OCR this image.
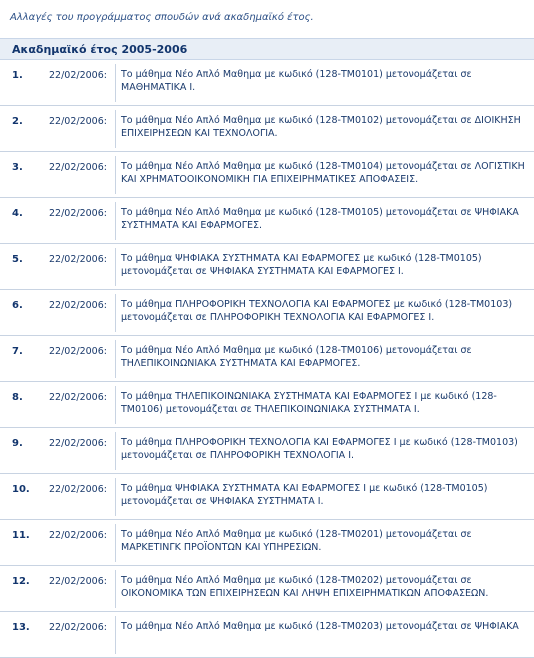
Αλλαγές του προγράμματος σπουδών ανά ακαδημαϊκό έτος.
Ακαδημαϊκό έτος 2005-2006
1.	22/02/2006:	Το μάθημα Νέο Απλό Μαθημα με κωδικό (128-ΤΜ0101) μετονομάζεται σε ΜΑΘΗΜΑΤΙΚΑ Ι.
2.	22/02/2006:	Το μάθημα Νέο Απλό Μαθημα με κωδικό (128-ΤΜ0102) μετονομάζεται σε ΔΙΟΙΚΗΣΗ ΕΠΙΧΕΙΡΗΣΕΩΝ ΚΑΙ ΤΕΧΝΟΛΟΓΙΑ.
3.	22/02/2006:	Το μάθημα Νέο Απλό Μαθημα με κωδικό (128-ΤΜ0104) μετονομάζεται σε ΛΟΓΙΣΤΙΚΗ ΚΑΙ ΧΡΗΜΑΤΟΟΙΚΟΝΟΜΙΚΗ ΓΙΑ ΕΠΙΧΕΙΡΗΜΑΤΙΚΕΣ ΑΠΟΦΑΣΕΙΣ.
4.	22/02/2006:	Το μάθημα Νέο Απλό Μαθημα με κωδικό (128-ΤΜ0105) μετονομάζεται σε ΨΗΦΙΑΚΑ ΣΥΣΤΗΜΑΤΑ ΚΑΙ ΕΦΑΡΜΟΓΕΣ.
5.	22/02/2006:	Το μάθημα ΨΗΦΙΑΚΑ ΣΥΣΤΗΜΑΤΑ ΚΑΙ ΕΦΑΡΜΟΓΕΣ με κωδικό (128-ΤΜ0105) μετονομάζεται σε ΨΗΦΙΑΚΑ ΣΥΣΤΗΜΑΤΑ ΚΑΙ ΕΦΑΡΜΟΓΕΣ Ι.
6.	22/02/2006:	Το μάθημα ΠΛΗΡΟΦΟΡΙΚΗ ΤΕΧΝΟΛΟΓΙΑ ΚΑΙ ΕΦΑΡΜΟΓΕΣ με κωδικό (128-ΤΜ0103) μετονομάζεται σε ΠΛΗΡΟΦΟΡΙΚΗ ΤΕΧΝΟΛΟΓΙΑ ΚΑΙ ΕΦΑΡΜΟΓΕΣ Ι.
7.	22/02/2006:	Το μάθημα Νέο Απλό Μαθημα με κωδικό (128-ΤΜ0106) μετονομάζεται σε ΤΗΛΕΠΙΚΟΙΝΩΝΙΑΚΑ ΣΥΣΤΗΜΑΤΑ ΚΑΙ ΕΦΑΡΜΟΓΕΣ.
8.	22/02/2006:	Το μάθημα ΤΗΛΕΠΙΚΟΙΝΩΝΙΑΚΑ ΣΥΣΤΗΜΑΤΑ ΚΑΙ ΕΦΑΡΜΟΓΕΣ Ι με κωδικό (128-ΤΜ0106) μετονομάζεται σε ΤΗΛΕΠΙΚΟΙΝΩΝΙΑΚΑ ΣΥΣΤΗΜΑΤΑ Ι.
9.	22/02/2006:	Το μάθημα ΠΛΗΡΟΦΟΡΙΚΗ ΤΕΧΝΟΛΟΓΙΑ ΚΑΙ ΕΦΑΡΜΟΓΕΣ Ι με κωδικό (128-ΤΜ0103) μετονομάζεται σε ΠΛΗΡΟΦΟΡΙΚΗ ΤΕΧΝΟΛΟΓΙΑ Ι.
10. 22/02/2006:	Το μάθημα ΨΗΦΙΑΚΑ ΣΥΣΤΗΜΑΤΑ ΚΑΙ ΕΦΑΡΜΟΓΕΣ Ι με κωδικό (128-ΤΜ0105) μετονομάζεται σε ΨΗΦΙΑΚΑ ΣΥΣΤΗΜΑΤΑ Ι.
11. 22/02/2006:	Το μάθημα Νέο Απλό Μαθημα με κωδικό (128-ΤΜ0201) μετονομάζεται σε ΜΑΡΚΕΤΙΝΓΚ ΠΡΟΪΟΝΤΩΝ ΚΑΙ ΥΠΗΡΕΣΙΩΝ.
12. 22/02/2006:	Το μάθημα Νέο Απλό Μαθημα με κωδικό (128-ΤΜ0202) μετονομάζεται σε ΟΙΚΟΝΟΜΙΚΑ ΤΩΝ ΕΠΙΧΕΙΡΗΣΕΩΝ ΚΑΙ ΛΗΨΗ ΕΠΙΧΕΙΡΗΜΑΤΙΚΩΝ ΑΠΟΦΑΣΕΩΝ.
13. 22/02/2006:	Το μάθημα Νέο Απλό Μαθημα με κωδικό (128-ΤΜ0203) μετονομάζεται σε ΨΗΦΙΑΚΑ
